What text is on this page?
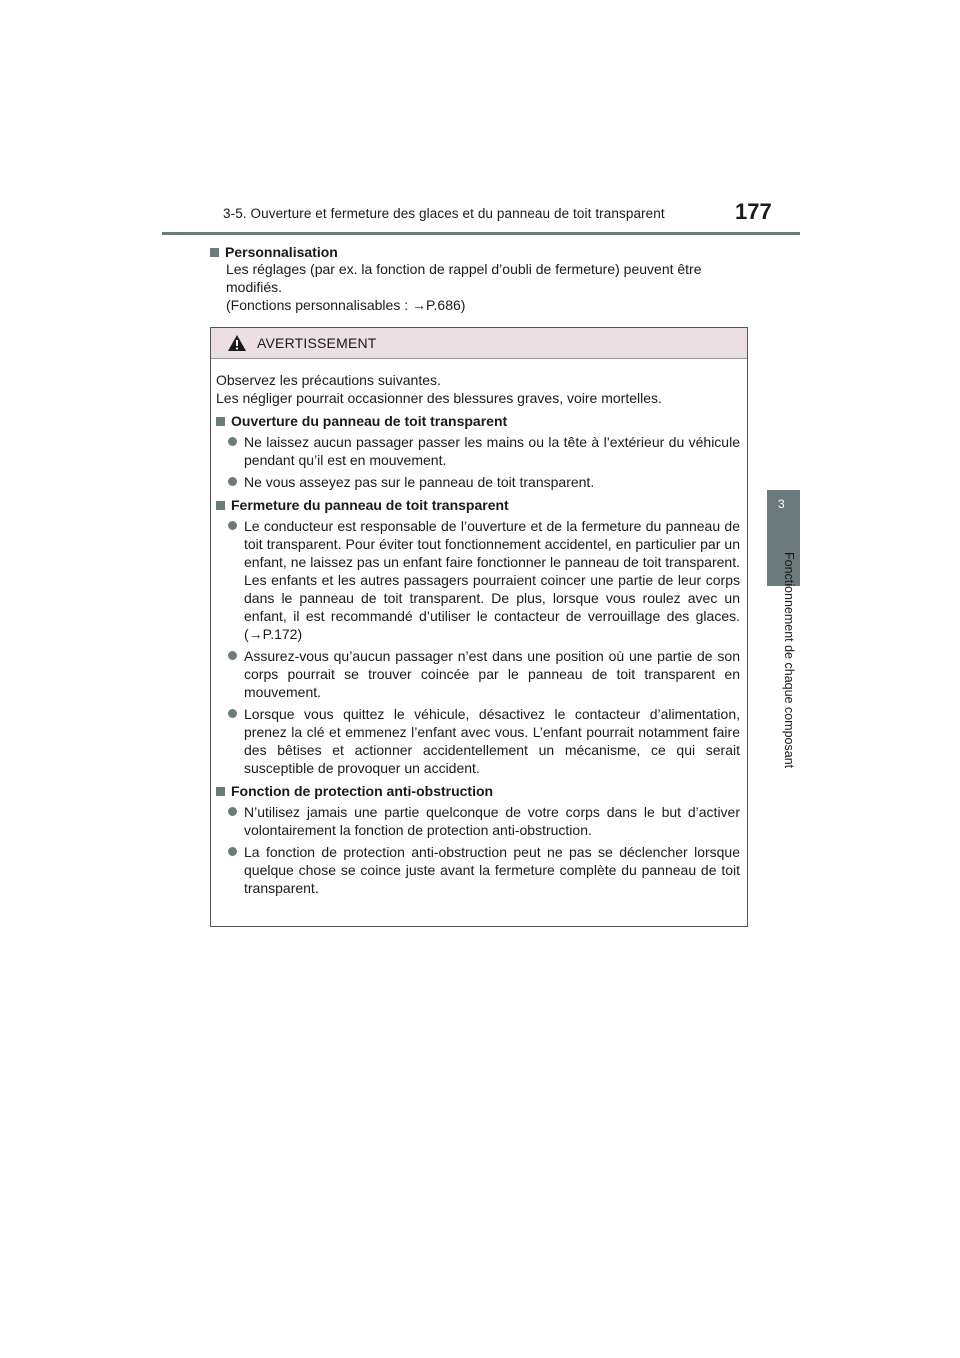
3-5. Ouverture et fermeture des glaces et du panneau de toit transparent	177
3
Fonctionnement de chaque composant
Personnalisation
Les réglages (par ex. la fonction de rappel d’oubli de fermeture) peuvent être
modifiés.
(Fonctions personnalisables : →P.686)
AVERTISSEMENT
Observez les précautions suivantes.
Les négliger pourrait occasionner des blessures graves, voire mortelles.
Ouverture du panneau de toit transparent
Ne laissez aucun passager passer les mains ou la tête à l’extérieur du véhicule pendant qu’il est en mouvement.
Ne vous asseyez pas sur le panneau de toit transparent.
Fermeture du panneau de toit transparent
Le conducteur est responsable de l’ouverture et de la fermeture du panneau de toit transparent. Pour éviter tout fonctionnement accidentel, en particulier par un enfant, ne laissez pas un enfant faire fonctionner le panneau de toit transparent. Les enfants et les autres passagers pourraient coincer une partie de leur corps dans le panneau de toit transparent. De plus, lorsque vous roulez avec un enfant, il est recommandé d’utiliser le contacteur de verrouillage des glaces. (→P.172)
Assurez-vous qu’aucun passager n’est dans une position où une partie de son corps pourrait se trouver coincée par le panneau de toit transparent en mouvement.
Lorsque vous quittez le véhicule, désactivez le contacteur d’alimentation, prenez la clé et emmenez l’enfant avec vous. L’enfant pourrait notamment faire des bêtises et actionner accidentellement un mécanisme, ce qui serait susceptible de provoquer un accident.
Fonction de protection anti-obstruction
N’utilisez jamais une partie quelconque de votre corps dans le but d’activer volontairement la fonction de protection anti-obstruction.
La fonction de protection anti-obstruction peut ne pas se déclencher lorsque quelque chose se coince juste avant la fermeture complète du panneau de toit transparent.
